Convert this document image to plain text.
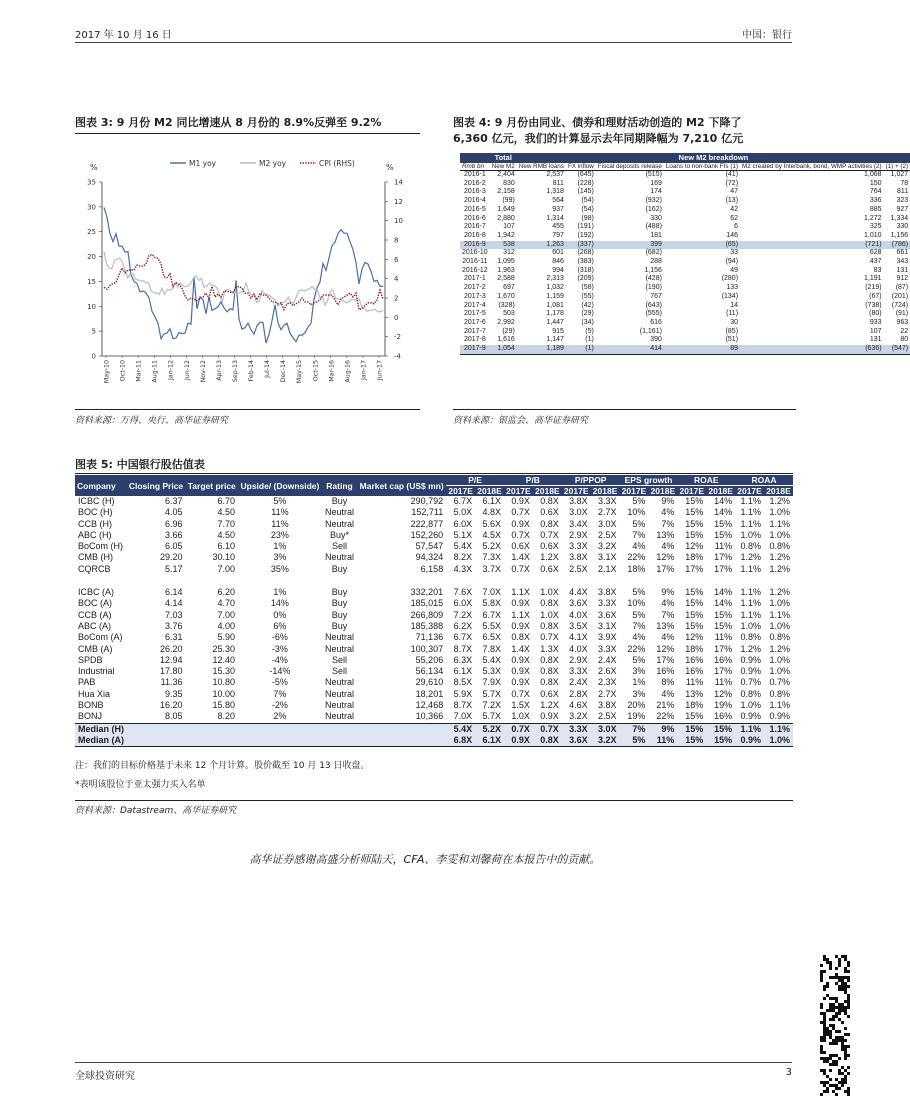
2017 年 10 月 16 日	中国：银行
图表 3: 9 月份 M2 同比增速从 8 月份的 8.9%反弹至 9.2%
0
5
10
15
20
25
30
35
-4
-2
0
2
4
6
8
10
12
14
%	%
May-10 Oct-10 Mar-11 Aug-11 Jan-12 Jun-12 Nov-12 Apr-13 Sep-13 Feb-14 Jul-14 Dec-14 May-15 Oct-15 Mar-16 Aug-16 Jan-17 Jun-17
M1 yoy	M2 yoy	CPI (RHS)
资料来源：万得、央行、高华证券研究
图表 4: 9 月份由同业、债券和理财活动创造的 M2 下降了
6,360 亿元，我们的计算显示去年同期降幅为 7,210 亿元
	Total	New M2 breakdown					
Rmb bn	New M2	New RMB loans	FX inflow	Fiscal deposits release	Loans to non-bank FIs (1)	M2 created by Interbank, bond, WMP activities (2)	(1) + (2)
2016-1	2,404	2,537	(645)	(515)	(41)	1,068	1,027
2016-2	830	811	(228)	169	(72)	150	78
2016-3	2,158	1,318	(145)	174	47	764	811
2016-4	(99)	564	(54)	(932)	(13)	336	323
2016-5	1,649	937	(54)	(162)	42	885	927
2016-6	2,880	1,314	(98)	330	62	1,272	1,334
2016-7	107	455	(191)	(488)	6	325	330
2016-8	1,942	797	(192)	181	146	1,010	1,156
2016-9	538	1,263	(337)	399	(65)	(721)	(786)
2016-10	312	601	(268)	(682)	33	628	661
2016-11	1,095	846	(383)	288	(94)	437	343
2016-12	1,963	994	(318)	1,156	49	83	131
2017-1	2,588	2,313	(209)	(428)	(280)	1,191	912
2017-2	697	1,032	(58)	(190)	133	(219)	(87)
2017-3	1,670	1,159	(55)	767	(134)	(67)	(201)
2017-4	(328)	1,081	(42)	(643)	14	(738)	(724)
2017-5	503	1,178	(29)	(555)	(11)	(80)	(91)
2017-6	2,992	1,447	(34)	616	30	933	963
2017-7	(29)	915	(5)	(1,161)	(85)	107	22
2017-8	1,616	1,147	(1)	390	(51)	131	80
2017-9	1,054	1,189	(1)	414	89	(636)	(547)
资料来源：银监会、高华证券研究
图表 5: 中国银行股估值表
Company	Closing Price	Target price	Upside/ (Downside)	Rating	Market cap (US$ mn)	P/E		P/B		P/PPOP		EPS growth		ROAE		ROAA	
						2017E	2018E	2017E	2018E	2017E	2018E	2017E	2018E	2017E	2018E	2017E	2018E
ICBC (H)	6.37	6.70	5%	Buy	290,792	6.7X	6.1X	0.9X	0.8X	3.8X	3.3X	5%	9%	15%	14%	1.1%	1.2%
BOC (H)	4.05	4.50	11%	Neutral	152,711	5.0X	4.8X	0.7X	0.6X	3.0X	2.7X	10%	4%	15%	14%	1.1%	1.0%
CCB (H)	6.96	7.70	11%	Neutral	222,877	6.0X	5.6X	0.9X	0.8X	3.4X	3.0X	5%	7%	15%	15%	1.1%	1.1%
ABC (H)	3.66	4.50	23%	Buy*	152,260	5.1X	4.5X	0.7X	0.7X	2.9X	2.5X	7%	13%	15%	15%	1.0%	1.0%
BoCom (H)	6.05	6.10	1%	Sell	57,547	5.4X	5.2X	0.6X	0.6X	3.3X	3.2X	4%	4%	12%	11%	0.8%	0.8%
CMB (H)	29.20	30.10	3%	Neutral	94,324	8.2X	7.3X	1.4X	1.2X	3.8X	3.1X	22%	12%	18%	17%	1.2%	1.2%
CQRCB	5.17	7.00	35%	Buy	6,158	4.3X	3.7X	0.7X	0.6X	2.5X	2.1X	18%	17%	17%	17%	1.1%	1.2%

ICBC (A)	6.14	6.20	1%	Buy	332,201	7.6X	7.0X	1.1X	1.0X	4.4X	3.8X	5%	9%	15%	14%	1.1%	1.2%
BOC (A)	4.14	4.70	14%	Buy	185,015	6.0X	5.8X	0.9X	0.8X	3.6X	3.3X	10%	4%	15%	14%	1.1%	1.0%
CCB (A)	7.03	7.00	0%	Buy	266,809	7.2X	6.7X	1.1X	1.0X	4.0X	3.6X	5%	7%	15%	15%	1.1%	1.1%
ABC (A)	3.76	4.00	6%	Buy	185,388	6.2X	5.5X	0.9X	0.8X	3.5X	3.1X	7%	13%	15%	15%	1.0%	1.0%
BoCom (A)	6.31	5.90	-6%	Neutral	71,136	6.7X	6.5X	0.8X	0.7X	4.1X	3.9X	4%	4%	12%	11%	0.8%	0.8%
CMB (A)	26.20	25.30	-3%	Neutral	100,307	8.7X	7.8X	1.4X	1.3X	4.0X	3.3X	22%	12%	18%	17%	1.2%	1.2%
SPDB	12.94	12.40	-4%	Sell	55,206	6.3X	5.4X	0.9X	0.8X	2.9X	2.4X	5%	17%	16%	16%	0.9%	1.0%
Industrial	17.80	15.30	-14%	Sell	56,134	6.1X	5.3X	0.9X	0.8X	3.3X	2.6X	3%	16%	16%	17%	0.9%	1.0%
PAB	11.36	10.80	-5%	Neutral	29,610	8.5X	7.9X	0.9X	0.8X	2.4X	2.3X	1%	8%	11%	11%	0.7%	0.7%
Hua Xia	9.35	10.00	7%	Neutral	18,201	5.9X	5.7X	0.7X	0.6X	2.8X	2.7X	3%	4%	13%	12%	0.8%	0.8%
BONB	16.20	15.80	-2%	Neutral	12,468	8.7X	7.2X	1.5X	1.2X	4.6X	3.8X	20%	21%	18%	19%	1.0%	1.1%
BONJ	8.05	8.20	2%	Neutral	10,366	7.0X	5.7X	1.0X	0.9X	3.2X	2.5X	19%	22%	15%	16%	0.9%	0.9%
Median (H)						5.4X	5.2X	0.7X	0.7X	3.3X	3.0X	7%	9%	15%	15%	1.1%	1.1%
Median (A)						6.8X	6.1X	0.9X	0.8X	3.6X	3.2X	5%	11%	15%	15%	0.9%	1.0%
注：我们的目标价格基于未来 12 个月计算。股价截至 10 月 13 日收盘。
*表明该股位于亚太强力买入名单
资料来源：Datastream、高华证券研究
高华证券感谢高盛分析师陆天，CFA、李雯和刘馨荷在本报告中的贡献。
全球投资研究	3
